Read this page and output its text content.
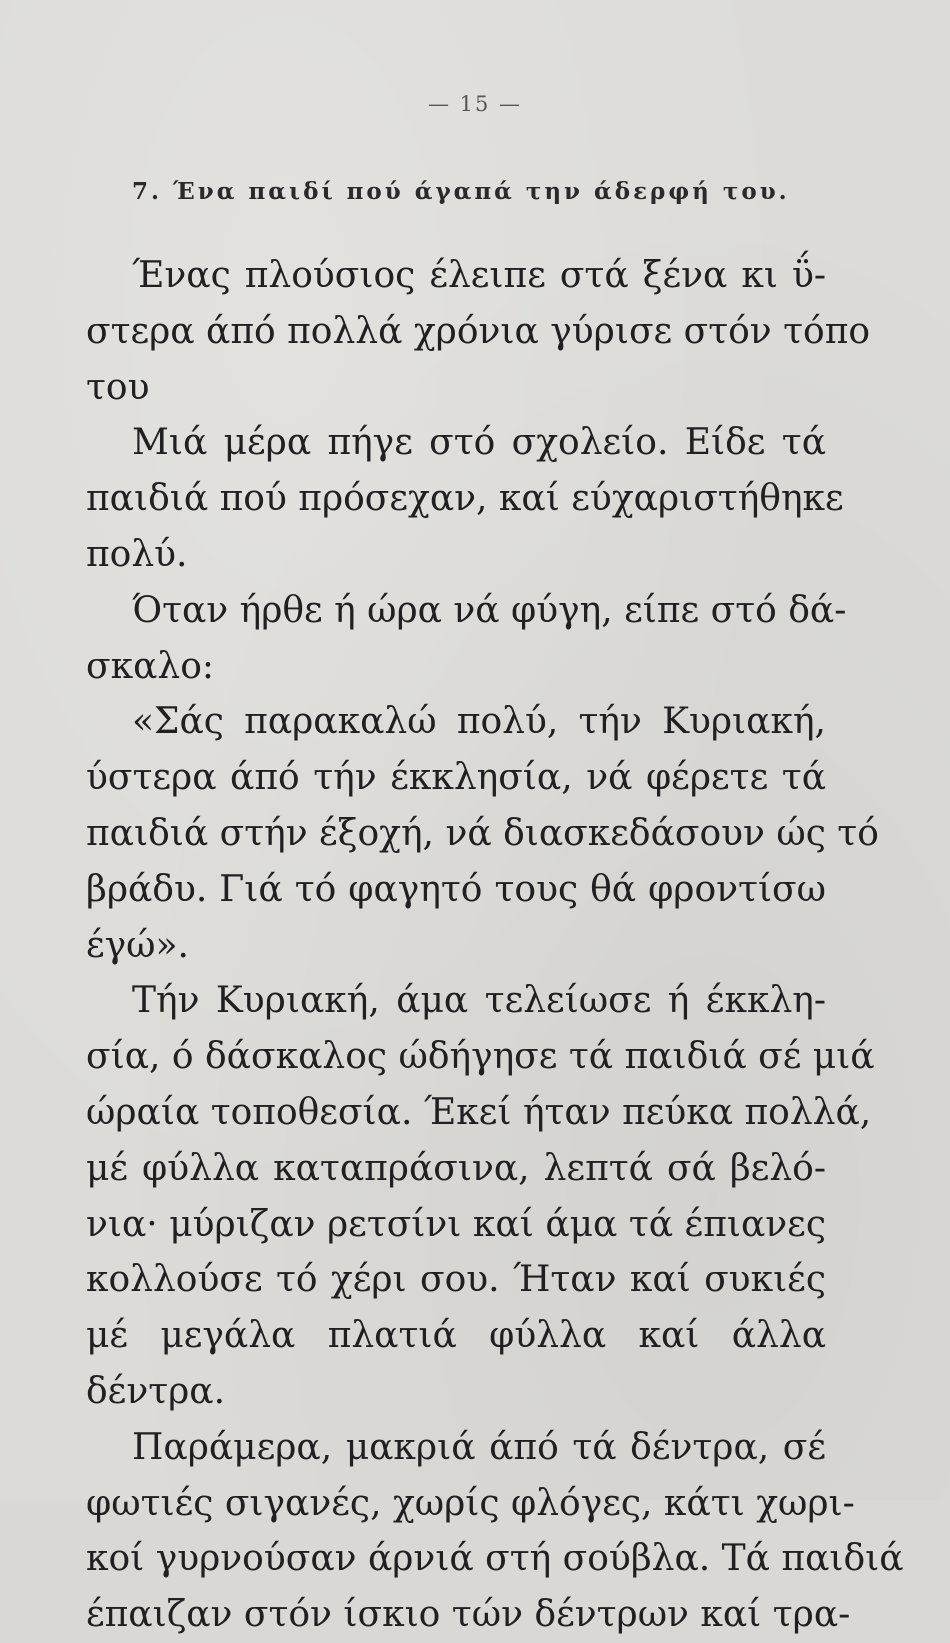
— 15 —
7. Ένα παιδί πού άγαπά την άδερφή του.

Ένας πλούσιος έλειπε στά ξένα κι ΰ-
στερα άπό πολλά χρόνια γύρισε στόν τόπο
του

Μιά μέρα πήγε στό σχολείο. Είδε τά
παιδιά πού πρόσεχαν, καί εύχαριστήθηκε
πολύ.

Όταν ήρθε ή ώρα νά φύγη, είπε στό δά-
σκαλο:

«Σάς παρακαλώ πολύ, τήν Κυριακή,
ύστερα άπό τήν έκκλησία, νά φέρετε τά
παιδιά στήν έξοχή, νά διασκεδάσουν ώς τό
βράδυ. Γιά τό φαγητό τους θά φροντίσω
έγώ».

Τήν Κυριακή, άμα τελείωσε ή έκκλη-
σία, ό δάσκαλος ώδήγησε τά παιδιά σέ μιά
ώραία τοποθεσία. Έκεί ήταν πεύκα πολλά,
μέ φύλλα καταπράσινα, λεπτά σά βελό-
νια· μύριζαν ρετσίνι καί άμα τά έπιανες
κολλούσε τό χέρι σου. Ήταν καί συκιές
μέ μεγάλα πλατιά φύλλα καί άλλα
δέντρα.

Παράμερα, μακριά άπό τά δέντρα, σέ
φωτιές σιγανές, χωρίς φλόγες, κάτι χωρι-
κοί γυρνούσαν άρνιά στή σούβλα. Τά παιδιά
έπαιζαν στόν ίσκιο τών δέντρων καί τρα-
